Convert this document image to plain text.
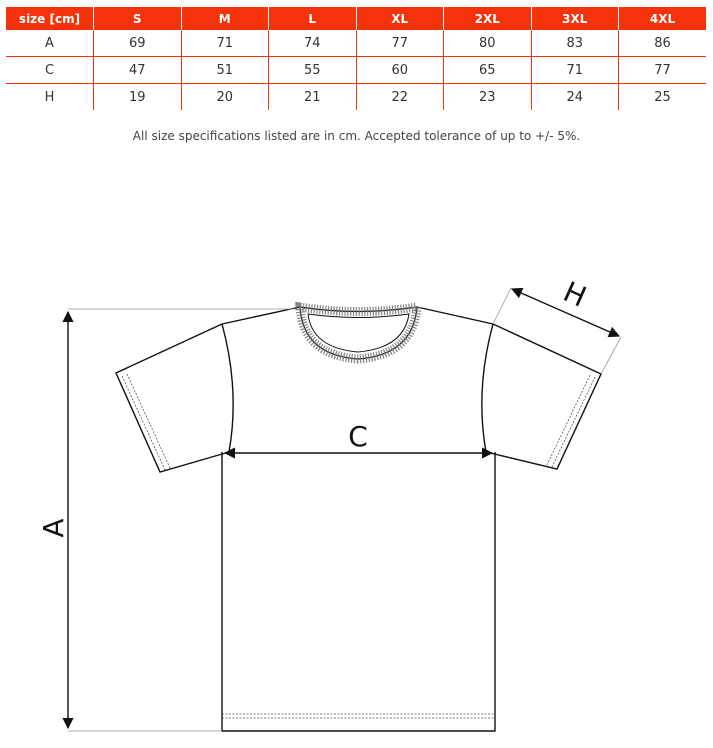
size [cm]	S	M	L	XL	2XL	3XL	4XL
A	69	71	74	77	80	83	86
C	47	51	55	60	65	71	77
H	19	20	21	22	23	24	25
All size specifications listed are in cm. Accepted tolerance of up to +/- 5%.
A
C
H
